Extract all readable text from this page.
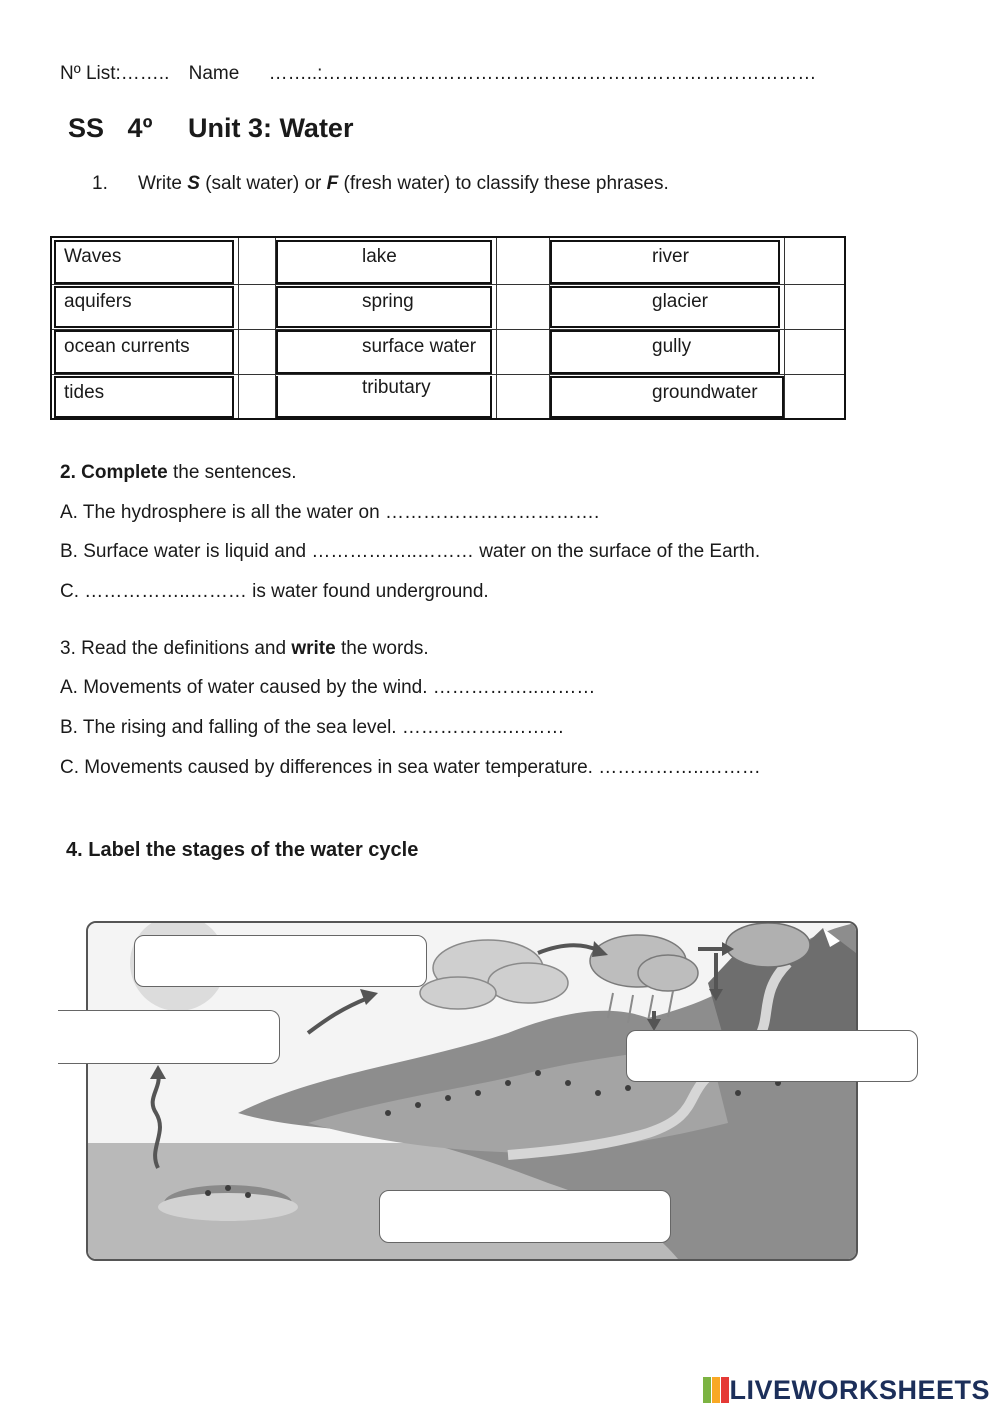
Nº List:…….. Name ……..:……………………………………………………………………
SS 4º Unit 3: Water
1. Write S (salt water) or F (fresh water) to classify these phrases.
Waves	lake	river
aquifers	spring	glacier
ocean currents	surface water	gully
tides	tributary	groundwater
2. Complete the sentences.
A. The hydrosphere is all the water on …………………………….
B. Surface water is liquid and ……………..……… water on the surface of the Earth.
C. ……………..……… is water found underground.
3. Read the definitions and write the words.
A. Movements of water caused by the wind. ……………..………
B. The rising and falling of the sea level. ……………..………
C. Movements caused by differences in sea water temperature. ……………..………
4. Label the stages of the water cycle
LIVEWORKSHEETS
